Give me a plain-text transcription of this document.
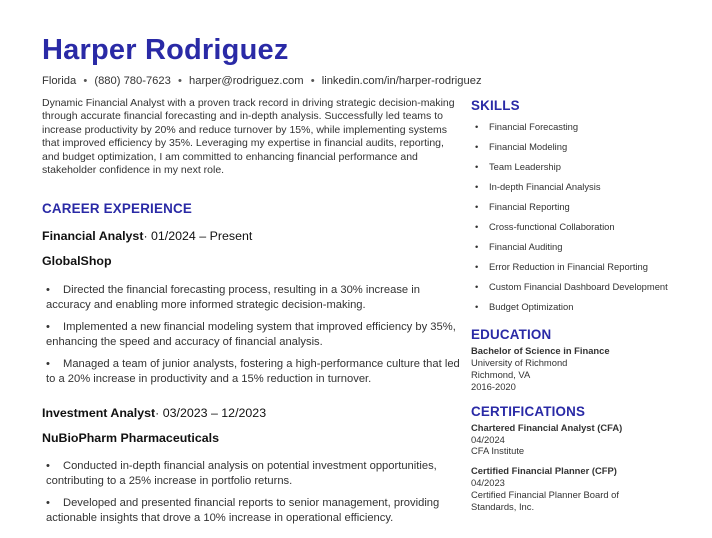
Harper Rodriguez
Florida • (880) 780-7623 • harper@rodriguez.com • linkedin.com/in/harper-rodriguez

Dynamic Financial Analyst with a proven track record in driving strategic decision-making through accurate financial forecasting and in-depth analysis. Successfully led teams to increase productivity by 20% and reduce turnover by 15%, while implementing systems that improved efficiency by 35%. Leveraging my expertise in financial audits, reporting, and budget optimization, I am committed to enhancing financial performance and stakeholder confidence in my next role.

CAREER EXPERIENCE
Financial Analyst· 01/2024 – Present
GlobalShop
• Directed the financial forecasting process, resulting in a 30% increase in accuracy and enabling more informed strategic decision-making.
• Implemented a new financial modeling system that improved efficiency by 35%, enhancing the speed and accuracy of financial analysis.
• Managed a team of junior analysts, fostering a high-performance culture that led to a 20% increase in productivity and a 15% reduction in turnover.
Investment Analyst· 03/2023 – 12/2023
NuBioPharm Pharmaceuticals
• Conducted in-depth financial analysis on potential investment opportunities, contributing to a 25% increase in portfolio returns.
• Developed and presented financial reports to senior management, providing actionable insights that drove a 10% increase in operational efficiency.
SKILLS
• Financial Forecasting
• Financial Modeling
• Team Leadership
• In-depth Financial Analysis
• Financial Reporting
• Cross-functional Collaboration
• Financial Auditing
• Error Reduction in Financial Reporting
• Custom Financial Dashboard Development
• Budget Optimization
EDUCATION
Bachelor of Science in Finance
University of Richmond
Richmond, VA
2016-2020
CERTIFICATIONS
Chartered Financial Analyst (CFA)
04/2024
CFA Institute
Certified Financial Planner (CFP)
04/2023
Certified Financial Planner Board of Standards, Inc.
